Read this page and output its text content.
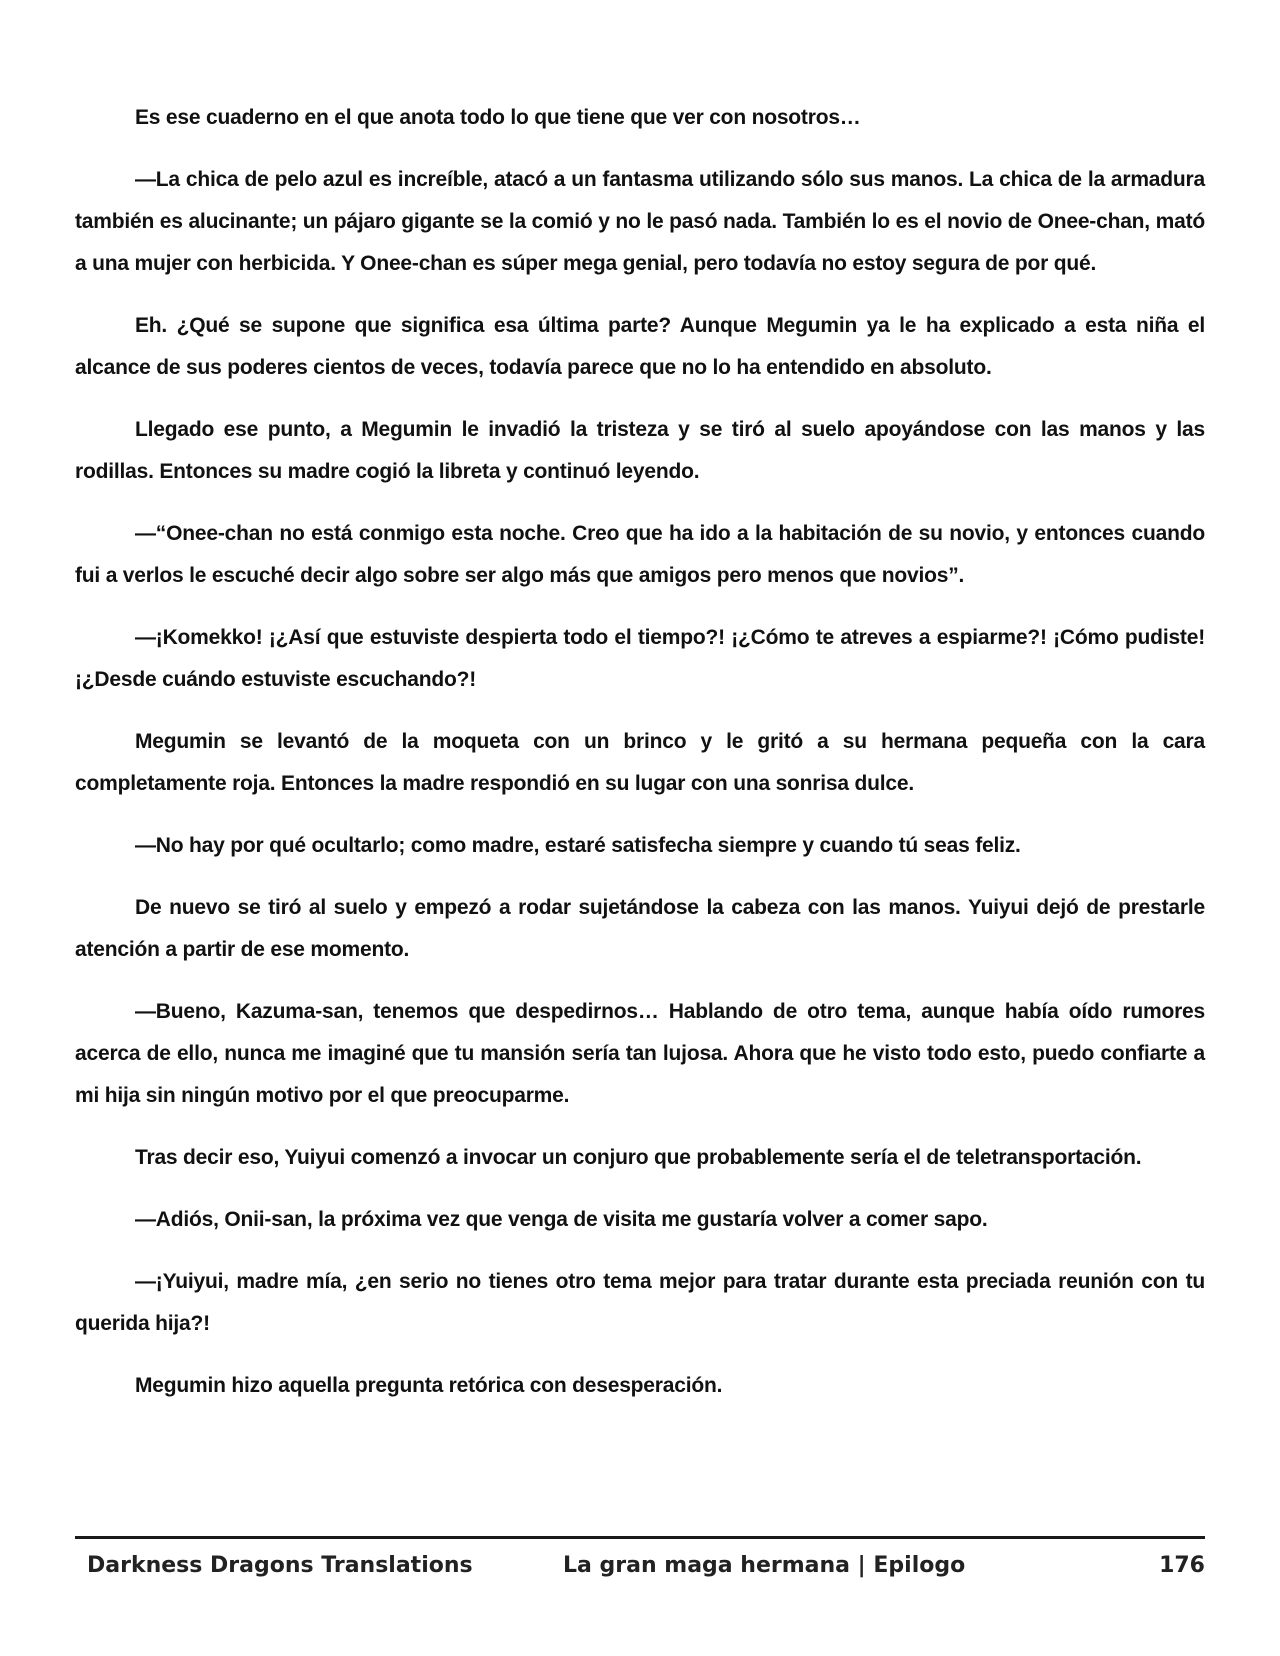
Es ese cuaderno en el que anota todo lo que tiene que ver con nosotros…

—La chica de pelo azul es increíble, atacó a un fantasma utilizando sólo sus manos. La chica de la armadura también es alucinante; un pájaro gigante se la comió y no le pasó nada. También lo es el novio de Onee-chan, mató a una mujer con herbicida. Y Onee-chan es súper mega genial, pero todavía no estoy segura de por qué.

Eh. ¿Qué se supone que significa esa última parte? Aunque Megumin ya le ha explicado a esta niña el alcance de sus poderes cientos de veces, todavía parece que no lo ha entendido en absoluto.

Llegado ese punto, a Megumin le invadió la tristeza y se tiró al suelo apoyándose con las manos y las rodillas. Entonces su madre cogió la libreta y continuó leyendo.

—“Onee-chan no está conmigo esta noche. Creo que ha ido a la habitación de su novio, y entonces cuando fui a verlos le escuché decir algo sobre ser algo más que amigos pero menos que novios”.

—¡Komekko! ¡¿Así que estuviste despierta todo el tiempo?! ¡¿Cómo te atreves a espiarme?! ¡Cómo pudiste! ¡¿Desde cuándo estuviste escuchando?!

Megumin se levantó de la moqueta con un brinco y le gritó a su hermana pequeña con la cara completamente roja. Entonces la madre respondió en su lugar con una sonrisa dulce.

—No hay por qué ocultarlo; como madre, estaré satisfecha siempre y cuando tú seas feliz.

De nuevo se tiró al suelo y empezó a rodar sujetándose la cabeza con las manos. Yuiyui dejó de prestarle atención a partir de ese momento.

—Bueno, Kazuma-san, tenemos que despedirnos… Hablando de otro tema, aunque había oído rumores acerca de ello, nunca me imaginé que tu mansión sería tan lujosa. Ahora que he visto todo esto, puedo confiarte a mi hija sin ningún motivo por el que preocuparme.

Tras decir eso, Yuiyui comenzó a invocar un conjuro que probablemente sería el de teletransportación.

—Adiós, Onii-san, la próxima vez que venga de visita me gustaría volver a comer sapo.

—¡Yuiyui, madre mía, ¿en serio no tienes otro tema mejor para tratar durante esta preciada reunión con tu querida hija?!

Megumin hizo aquella pregunta retórica con desesperación.

Darkness Dragons Translations	La gran maga hermana | Epilogo	176
